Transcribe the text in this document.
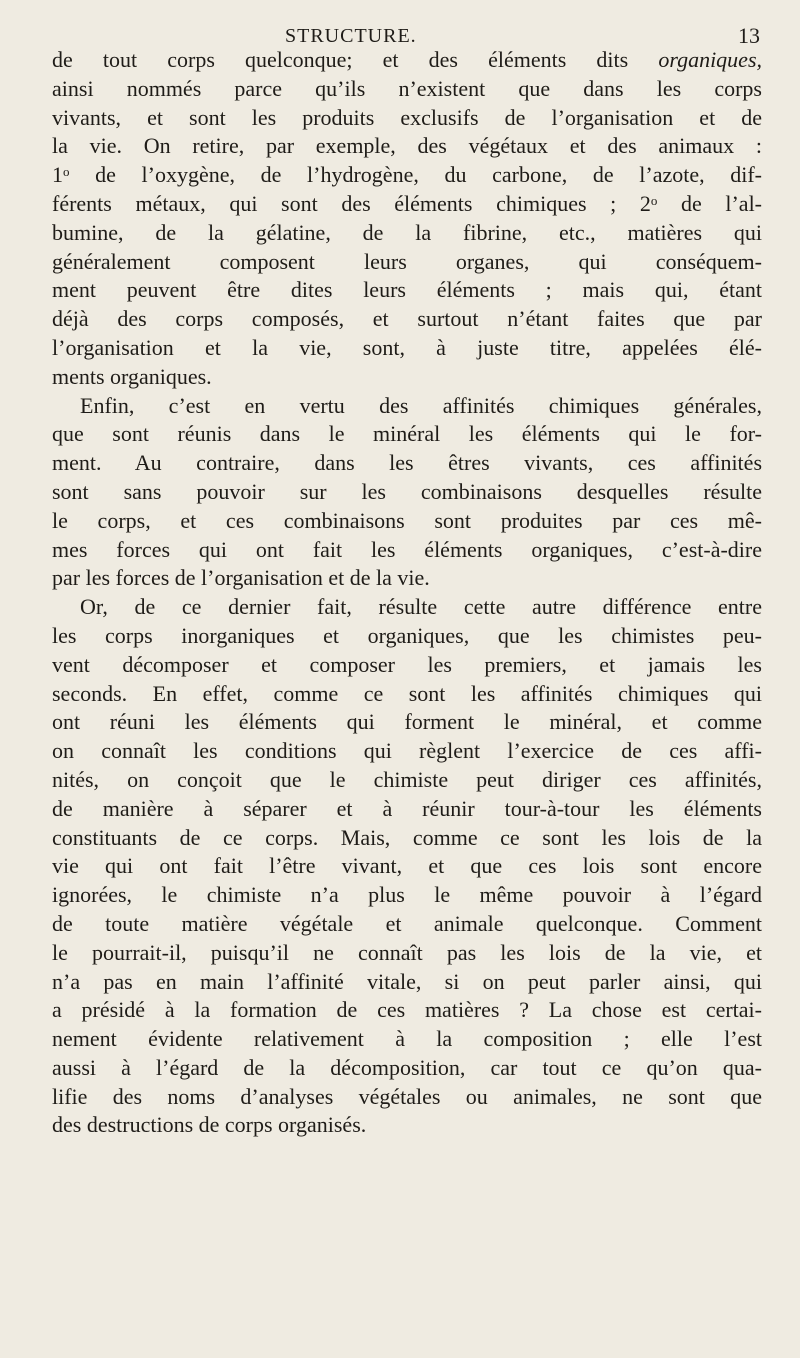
STRUCTURE.	13
de tout corps quelconque; et des éléments dits organiques,
ainsi nommés parce qu’ils n’existent que dans les corps
vivants, et sont les produits exclusifs de l’organisation et de
la vie. On retire, par exemple, des végétaux et des animaux :
1$^o$ de l’oxygène, de l’hydrogène, du carbone, de l’azote, dif-
férents métaux, qui sont des éléments chimiques ; 2$^o$ de l’al-
bumine, de la gélatine, de la fibrine, etc., matières qui
généralement composent leurs organes, qui conséquem-
ment peuvent être dites leurs éléments ; mais qui, étant
déjà des corps composés, et surtout n’étant faites que par
l’organisation et la vie, sont, à juste titre, appelées élé-
ments organiques.
Enfin, c’est en vertu des affinités chimiques générales,
que sont réunis dans le minéral les éléments qui le for-
ment. Au contraire, dans les êtres vivants, ces affinités
sont sans pouvoir sur les combinaisons desquelles résulte
le corps, et ces combinaisons sont produites par ces mê-
mes forces qui ont fait les éléments organiques, c’est-à-dire
par les forces de l’organisation et de la vie.
Or, de ce dernier fait, résulte cette autre différence entre
les corps inorganiques et organiques, que les chimistes peu-
vent décomposer et composer les premiers, et jamais les
seconds. En effet, comme ce sont les affinités chimiques qui
ont réuni les éléments qui forment le minéral, et comme
on connaît les conditions qui règlent l’exercice de ces affi-
nités, on conçoit que le chimiste peut diriger ces affinités,
de manière à séparer et à réunir tour-à-tour les éléments
constituants de ce corps. Mais, comme ce sont les lois de la
vie qui ont fait l’être vivant, et que ces lois sont encore
ignorées, le chimiste n’a plus le même pouvoir à l’égard
de toute matière végétale et animale quelconque. Comment
le pourrait-il, puisqu’il ne connaît pas les lois de la vie, et
n’a pas en main l’affinité vitale, si on peut parler ainsi, qui
a présidé à la formation de ces matières ? La chose est certai-
nement évidente relativement à la composition ; elle l’est
aussi à l’égard de la décomposition, car tout ce qu’on qua-
lifie des noms d’analyses végétales ou animales, ne sont que
des destructions de corps organisés.
